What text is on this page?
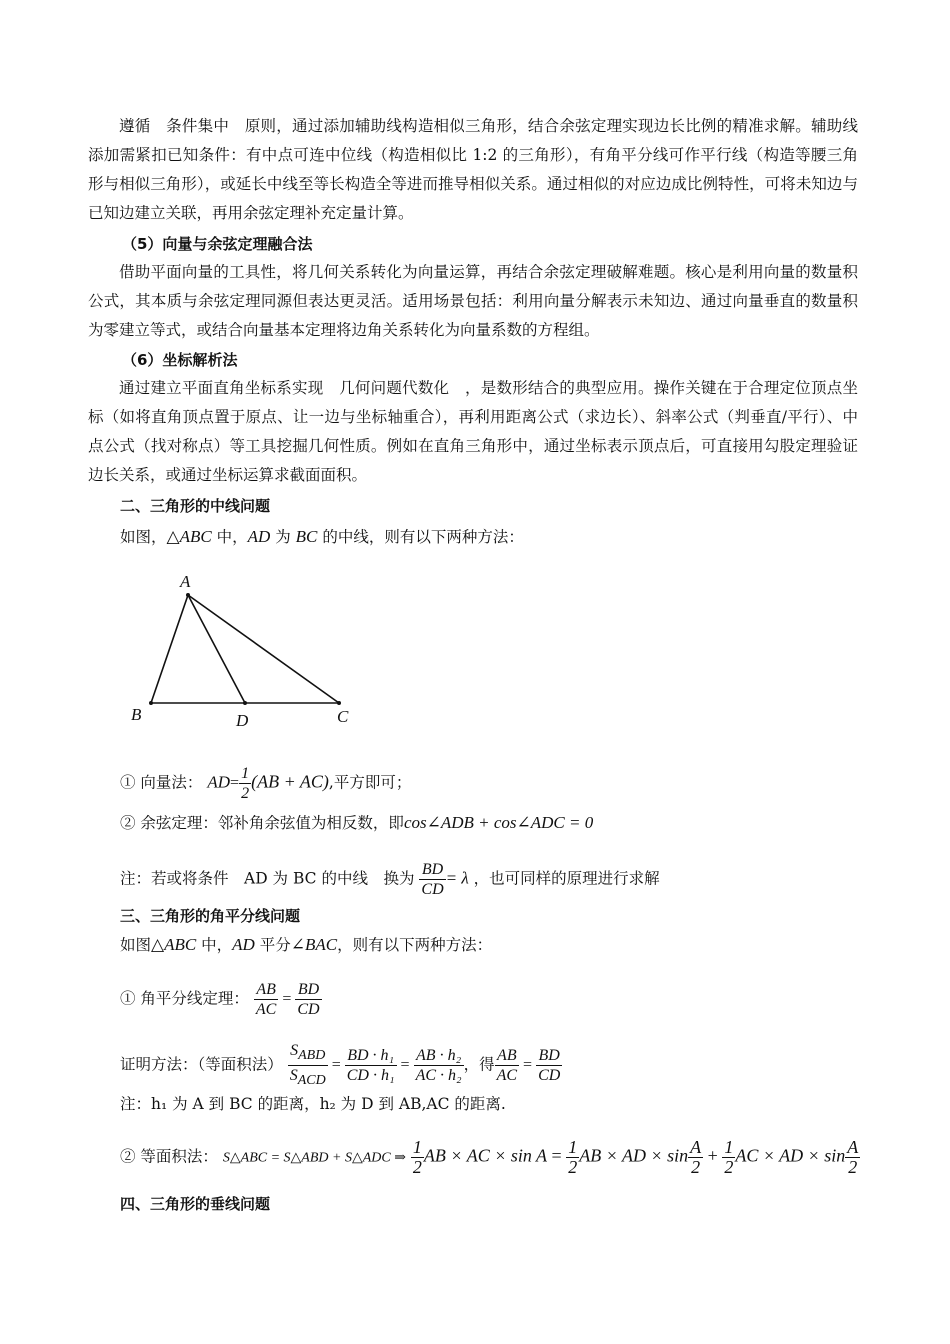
遵循　条件集中　原则，通过添加辅助线构造相似三角形，结合余弦定理实现边长比例的精准求解。辅助线添加需紧扣已知条件：有中点可连中位线（构造相似比 1:2 的三角形），有角平分线可作平行线（构造等腰三角形与相似三角形），或延长中线至等长构造全等进而推导相似关系。通过相似的对应边成比例特性，可将未知边与已知边建立关联，再用余弦定理补充定量计算。

（5）向量与余弦定理融合法

借助平面向量的工具性，将几何关系转化为向量运算，再结合余弦定理破解难题。核心是利用向量的数量积公式，其本质与余弦定理同源但表达更灵活。适用场景包括：利用向量分解表示未知边、通过向量垂直的数量积为零建立等式，或结合向量基本定理将边角关系转化为向量系数的方程组。

（6）坐标解析法

通过建立平面直角坐标系实现　几何问题代数化　，是数形结合的典型应用。操作关键在于合理定位顶点坐标（如将直角顶点置于原点、让一边与坐标轴重合），再利用距离公式（求边长）、斜率公式（判垂直/平行）、中点公式（找对称点）等工具挖掘几何性质。例如在直角三角形中，通过坐标表示顶点后，可直接用勾股定理验证边长关系，或通过坐标运算求截面面积。

二、三角形的中线问题

如图，△ABC 中，AD 为 BC 的中线，则有以下两种方法：
A
B	C
D
① 向量法： $AD= \frac{1}{2} (AB + AC)$,平方即可；
② 余弦定理：邻补角余弦值为相反数，即cos∠ADB + cos∠ADC = 0
注：若或将条件　AD 为 BC 的中线　换为 $\frac{BD}{CD} = \lambda$ ，也可同样的原理进行求解

三、三角形的角平分线问题

如图△ABC 中，AD 平分∠BAC，则有以下两种方法：
① 角平分线定理： $\frac{AB}{AC} = \frac{BD}{CD}$
证明方法：（等面积法） $\frac{S_{ABD}}{S_{ACD}} = \frac{\text{BD · h₁}}{\text{CD · h₁}} = \frac{\text{AB · h₂}}{\text{AC · h₂}}$ ，得 $\frac{AB}{AC} = \frac{BD}{CD}$
注：h₁ 为 A 到 BC 的距离，h₂ 为 D 到 AB,AC 的距离.
② 等面积法： S△ABC = S△ABD + S△ADC ⇒ $\frac{1}{2}$ AB × AC × $\sin A = \frac{1}{2}$ AB × AD × $\sin \frac{A}{2} + \frac{1}{2}$ AC × AD × $\sin \frac{A}{2}$

四、三角形的垂线问题
